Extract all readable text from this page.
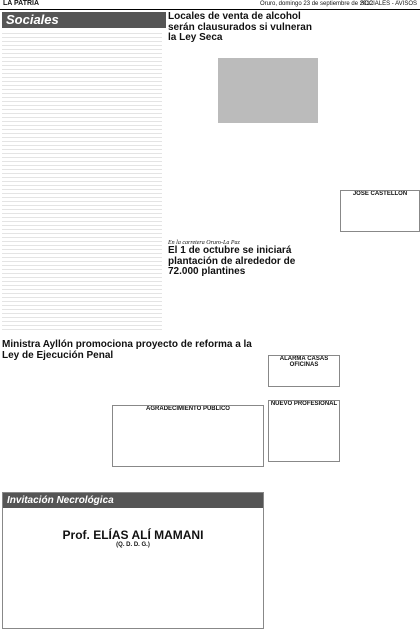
LA PATRIA	Oruro, domingo 23 de septiembre de 2012
SOCIALES - AVISOS
Sociales	Locales de venta de alcohol serán clausurados si vulneran la Ley Seca
En la carretera Oruro-La Paz
El 1 de octubre se iniciará plantación de alrededor de 72.000 plantines
Ministra Ayllón promociona proyecto de reforma a la Ley de Ejecución Penal
AGRADECIMIENTO PÚBLICO
Invitación Necrológica
Prof. ELÍAS ALÍ MAMANI
(Q. D. D. G.)
ALARMA CASAS OFICINAS
NUEVO PROFESIONAL
JOSÉ CASTELLÓN
